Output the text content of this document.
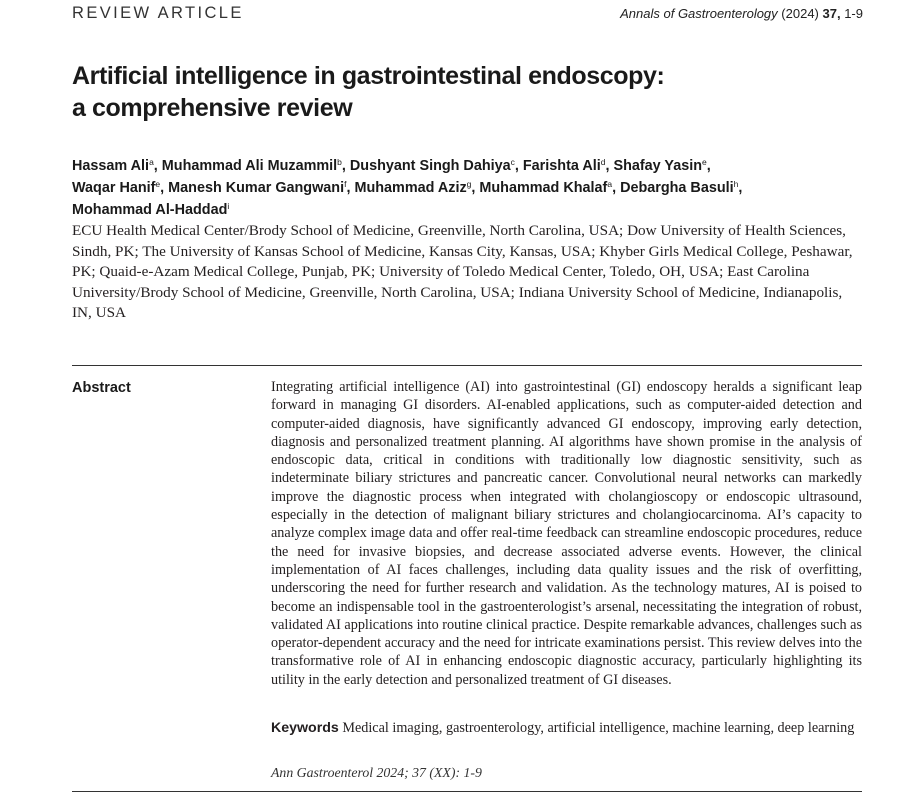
REVIEW ARTICLE	Annals of Gastroenterology (2024) 37, 1-9
Artificial intelligence in gastrointestinal endoscopy:
a comprehensive review
Hassam Ali$^a$, Muhammad Ali Muzammil$^b$, Dushyant Singh Dahiya$^c$, Farishta Ali$^d$, Shafay Yasin$^e$,
Waqar Hanif$^e$, Manesh Kumar Gangwani$^f$, Muhammad Aziz$^g$, Muhammad Khalaf$^a$, Debargha Basuli$^h$,
Mohammad Al-Haddad$^i$
ECU Health Medical Center/Brody School of Medicine, Greenville, North Carolina, USA; Dow University of Health Sciences, Sindh, PK; The University of Kansas School of Medicine, Kansas City, Kansas, USA; Khyber Girls Medical College, Peshawar, PK; Quaid-e-Azam Medical College, Punjab, PK; University of Toledo Medical Center, Toledo, OH, USA; East Carolina University/Brody School of Medicine, Greenville, North Carolina, USA; Indiana University School of Medicine, Indianapolis, IN, USA
Abstract	Integrating artificial intelligence (AI) into gastrointestinal (GI) endoscopy heralds a significant leap forward in managing GI disorders. AI-enabled applications, such as computer-aided detection and computer-aided diagnosis, have significantly advanced GI endoscopy, improving early detection, diagnosis and personalized treatment planning. AI algorithms have shown promise in the analysis of endoscopic data, critical in conditions with traditionally low diagnostic sensitivity, such as indeterminate biliary strictures and pancreatic cancer. Convolutional neural networks can markedly improve the diagnostic process when integrated with cholangioscopy or endoscopic ultrasound, especially in the detection of malignant biliary strictures and cholangiocarcinoma. AI’s capacity to analyze complex image data and offer real-time feedback can streamline endoscopic procedures, reduce the need for invasive biopsies, and decrease associated adverse events. However, the clinical implementation of AI faces challenges, including data quality issues and the risk of overfitting, underscoring the need for further research and validation. As the technology matures, AI is poised to become an indispensable tool in the gastroenterologist’s arsenal, necessitating the integration of robust, validated AI applications into routine clinical practice. Despite remarkable advances, challenges such as operator-dependent accuracy and the need for intricate examinations persist. This review delves into the transformative role of AI in enhancing endoscopic diagnostic accuracy, particularly highlighting its utility in the early detection and personalized treatment of GI diseases.
Keywords Medical imaging, gastroenterology, artificial intelligence, machine learning, deep learning
Ann Gastroenterol 2024; 37 (XX): 1-9
